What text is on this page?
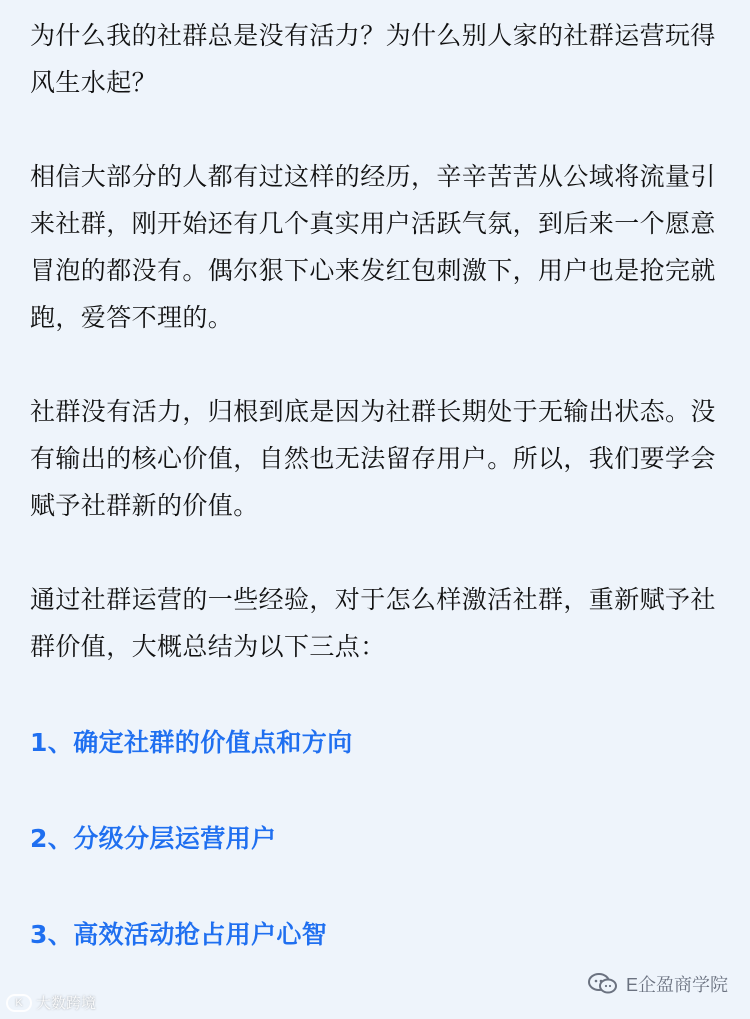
为什么我的社群总是没有活力？为什么别人家的社群运营玩得风生水起？

相信大部分的人都有过这样的经历，辛辛苦苦从公域将流量引来社群，刚开始还有几个真实用户活跃气氛，到后来一个愿意冒泡的都没有。偶尔狠下心来发红包刺激下，用户也是抢完就跑，爱答不理的。

社群没有活力，归根到底是因为社群长期处于无输出状态。没有输出的核心价值，自然也无法留存用户。所以，我们要学会赋予社群新的价值。

通过社群运营的一些经验，对于怎么样激活社群，重新赋予社群价值，大概总结为以下三点：

1、确定社群的价值点和方向

2、分级分层运营用户

3、高效活动抢占用户心智

K 大数跨境
E企盈商学院
